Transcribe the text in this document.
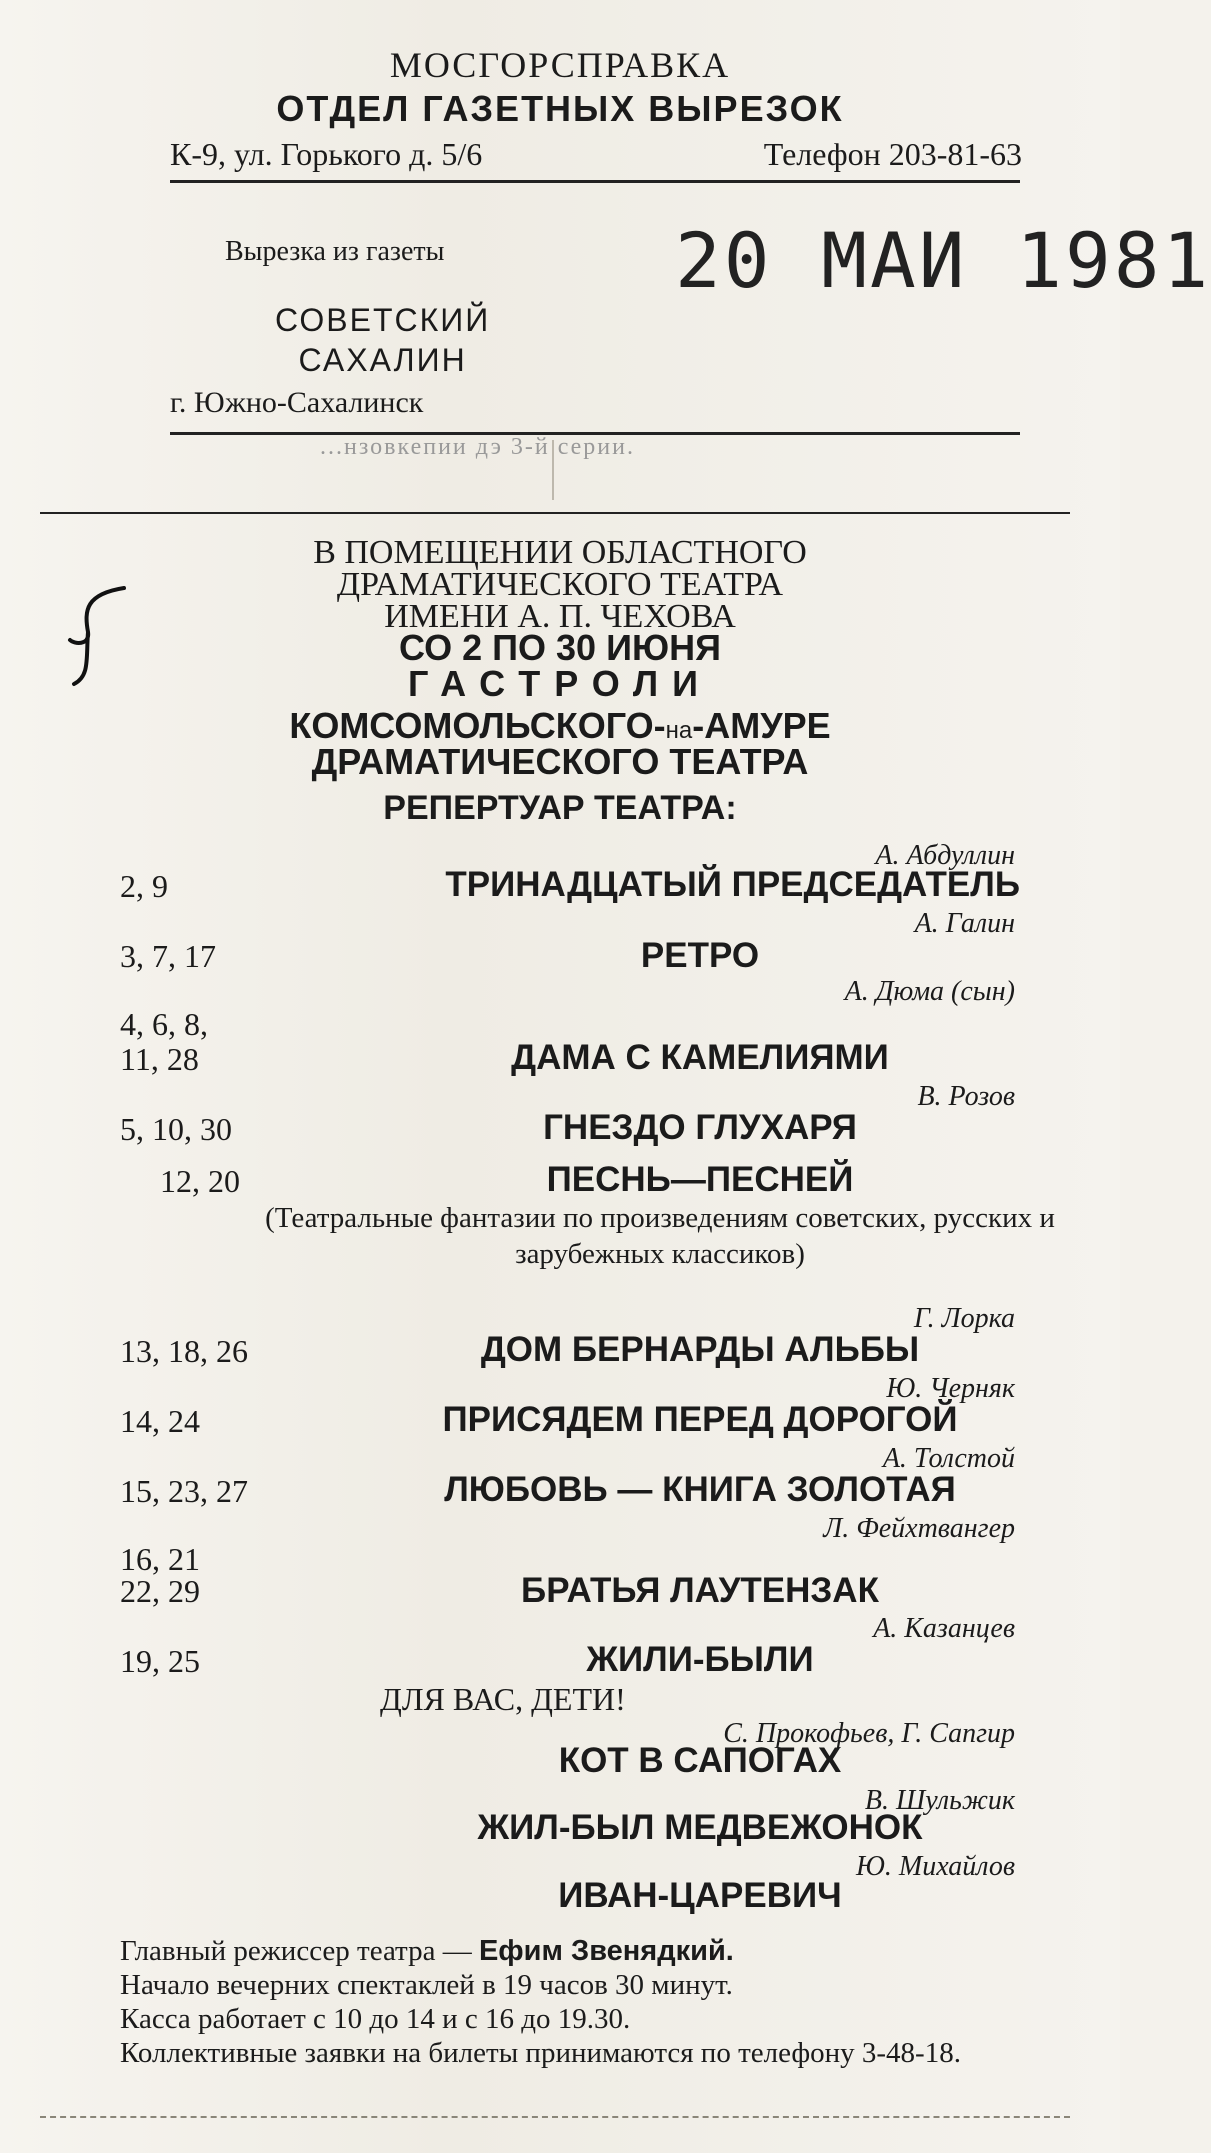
МОСГОРСПРАВКА
ОТДЕЛ ГАЗЕТНЫХ ВЫРЕЗОК
К-9, ул. Горького д. 5/6	Телефон 203-81-63
Вырезка из газеты	20 МАИ 1981
СОВЕТСКИЙ
САХАЛИН
г. Южно-Сахалинск
...нзовкепии дэ 3-й серии.
В ПОМЕЩЕНИИ ОБЛАСТНОГО
ДРАМАТИЧЕСКОГО ТЕАТРА
ИМЕНИ А. П. ЧЕХОВА
СО 2 ПО 30 ИЮНЯ
ГАСТРОЛИ
КОМСОМОЛЬСКОГО-на-АМУРЕ
ДРАМАТИЧЕСКОГО ТЕАТРА
РЕПЕРТУАР ТЕАТРА:
А. Абдуллин
2, 9	ТРИНАДЦАТЫЙ ПРЕДСЕДАТЕЛЬ
А. Галин
3, 7, 17	РЕТРО
А. Дюма (сын)
4, 6, 8,
11, 28	ДАМА С КАМЕЛИЯМИ
В. Розов
5, 10, 30	ГНЕЗДО ГЛУХАРЯ
12, 20	ПЕСНЬ—ПЕСНЕЙ
(Театральные фантазии по произведениям советских, русских и зарубежных классиков)
Г. Лорка
13, 18, 26	ДОМ БЕРНАРДЫ АЛЬБЫ
Ю. Черняк
14, 24	ПРИСЯДЕМ ПЕРЕД ДОРОГОЙ
А. Толстой
15, 23, 27	ЛЮБОВЬ — КНИГА ЗОЛОТАЯ
Л. Фейхтвангер
16, 21
22, 29	БРАТЬЯ ЛАУТЕНЗАК
А. Казанцев
19, 25	ЖИЛИ-БЫЛИ
ДЛЯ ВАС, ДЕТИ!
С. Прокофьев, Г. Сапгир
КОТ В САПОГАХ
В. Шульжик
ЖИЛ-БЫЛ МЕДВЕЖОНОК
Ю. Михайлов
ИВАН-ЦАРЕВИЧ
Главный режиссер театра — Ефим Звенядкий.
Начало вечерних спектаклей в 19 часов 30 минут.
Касса работает с 10 до 14 и с 16 до 19.30.
Коллективные заявки на билеты принимаются по телефону 3-48-18.
